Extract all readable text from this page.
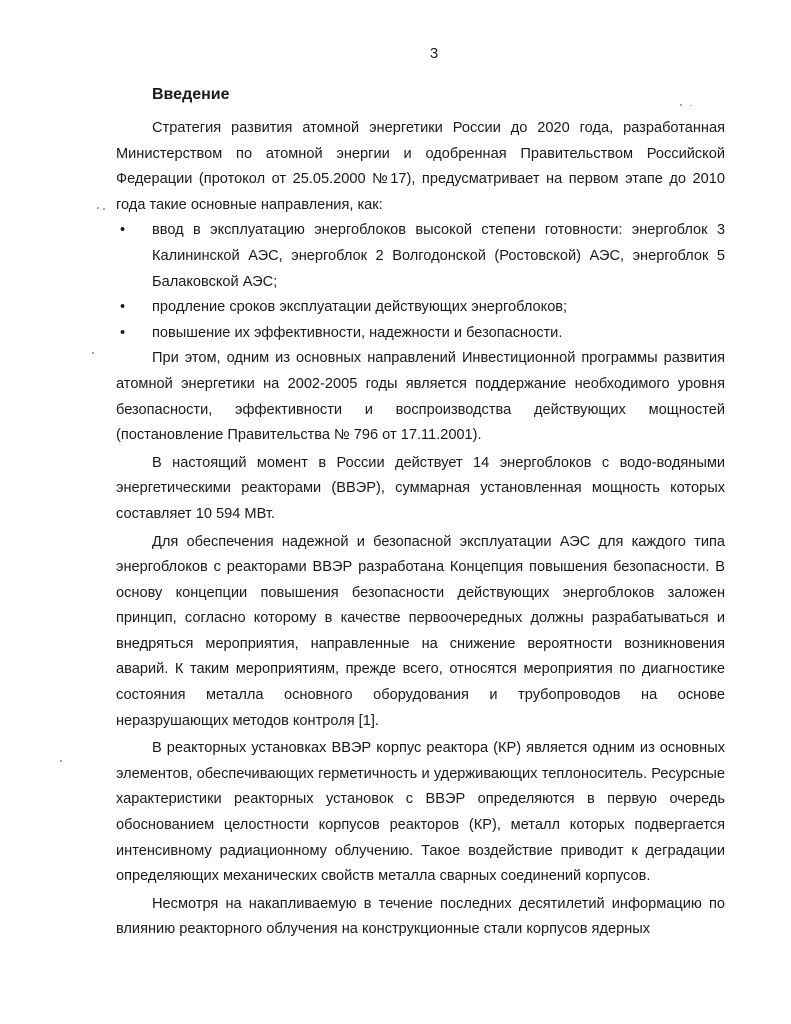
3
Введение

Стратегия развития атомной энергетики России до 2020 года, разработанная Министерством по атомной энергии и одобренная Правительством Российской Федерации (протокол от 25.05.2000 №17), предусматривает на первом этапе до 2010 года такие основные направления, как:

• ввод в эксплуатацию энергоблоков высокой степени готовности: энергоблок 3 Калининской АЭС, энергоблок 2 Волгодонской (Ростовской) АЭС, энергоблок 5 Балаковской АЭС;
• продление сроков эксплуатации действующих энергоблоков;
• повышение их эффективности, надежности и безопасности.

При этом, одним из основных направлений Инвестиционной программы развития атомной энергетики на 2002-2005 годы является поддержание необходимого уровня безопасности, эффективности и воспроизводства действующих мощностей (постановление Правительства № 796 от 17.11.2001).

В настоящий момент в России действует 14 энергоблоков с водо-водяными энергетическими реакторами (ВВЭР), суммарная установленная мощность которых составляет 10 594 МВт.

Для обеспечения надежной и безопасной эксплуатации АЭС для каждого типа энергоблоков с реакторами ВВЭР разработана Концепция повышения безопасности. В основу концепции повышения безопасности действующих энергоблоков заложен принцип, согласно которому в качестве первоочередных должны разрабатываться и внедряться мероприятия, направленные на снижение вероятности возникновения аварий. К таким мероприятиям, прежде всего, относятся мероприятия по диагностике состояния металла основного оборудования и трубопроводов на основе неразрушающих методов контроля [1].

В реакторных установках ВВЭР корпус реактора (КР) является одним из основных элементов, обеспечивающих герметичность и удерживающих теплоноситель. Ресурсные характеристики реакторных установок с ВВЭР определяются в первую очередь обоснованием целостности корпусов реакторов (КР), металл которых подвергается интенсивному радиационному облучению. Такое воздействие приводит к деградации определяющих механических свойств металла сварных соединений корпусов.

Несмотря на накапливаемую в течение последних десятилетий информацию по влиянию реакторного облучения на конструкционные стали корпусов ядерных
